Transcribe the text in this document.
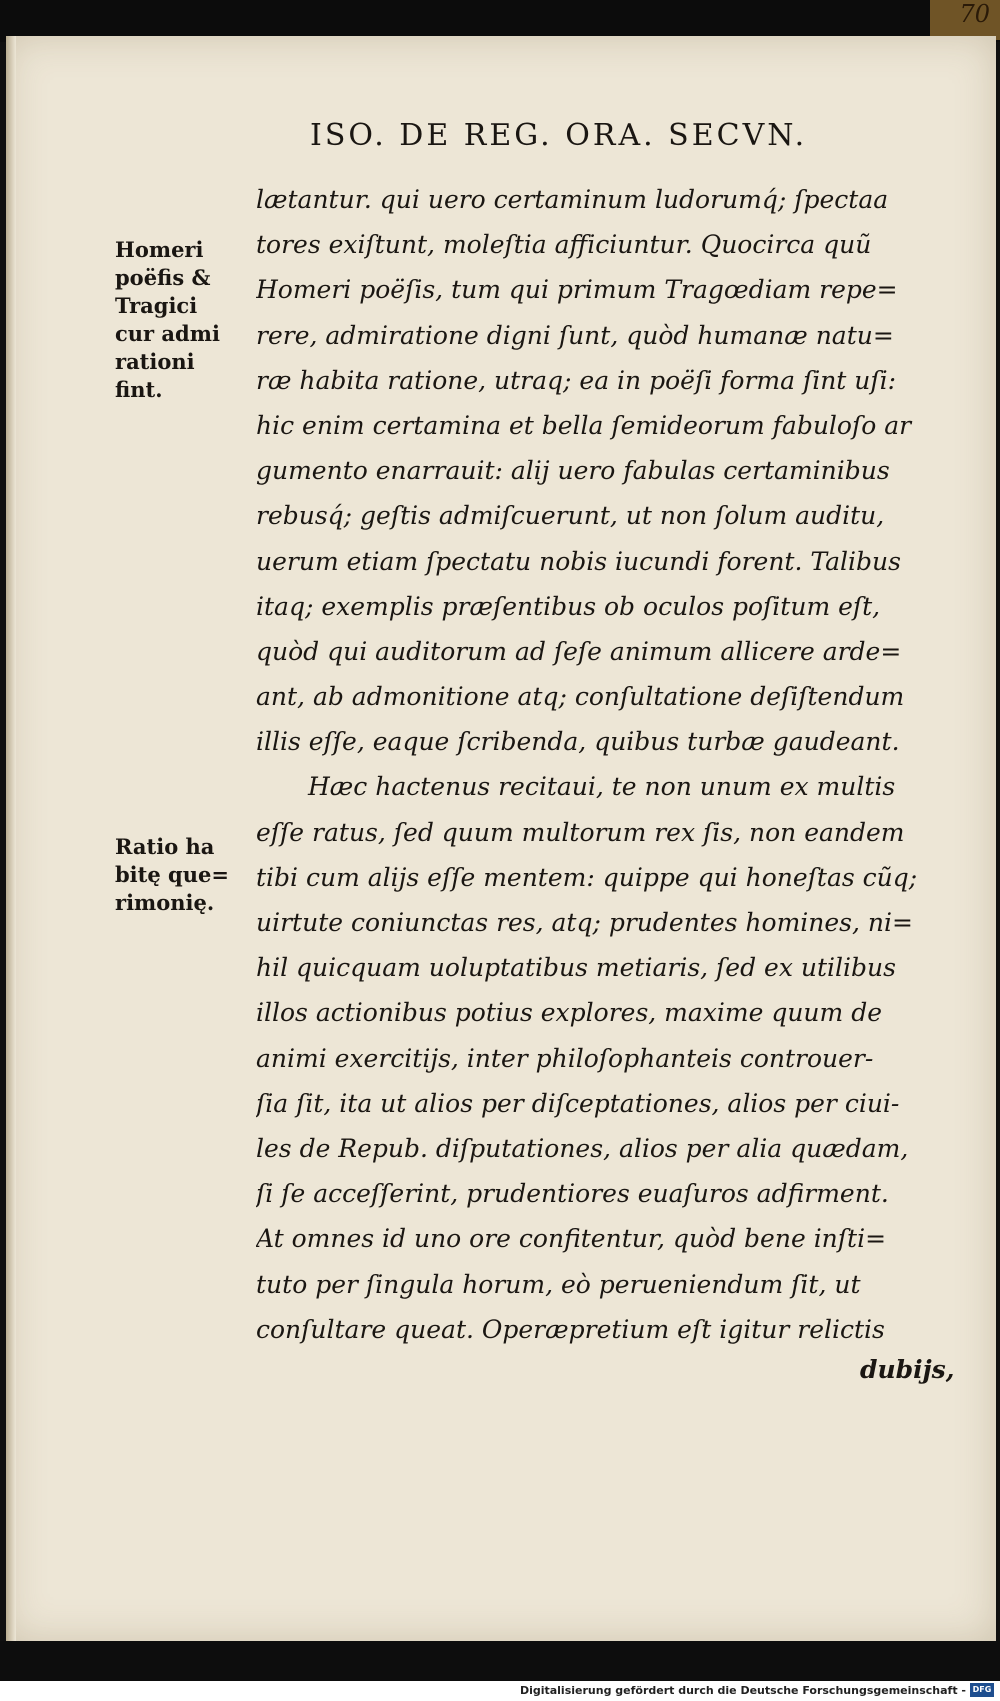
70
ISO. DE REG. ORA. SECVN.
Homeri
poëfis &
Tragici
cur admi
rationi
fint.
Ratio ha
bitę que=
rimonię.
lætantur. qui uero certaminum ludorumq́; ſpectaa
tores exiſtunt, moleſtia afficiuntur. Quocirca quũ
Homeri poëſis, tum qui primum Tragœdiam repe=
rere, admiratione digni ſunt, quòd humanæ natu=
ræ habita ratione, utraq; ea in poëſi forma ſint uſi:
hic enim certamina et bella ſemideorum fabuloſo ar
gumento enarrauit: alij uero fabulas certaminibus
rebusq́; geſtis admiſcuerunt, ut non ſolum auditu,
uerum etiam ſpectatu nobis iucundi forent. Talibus
itaq; exemplis præſentibus ob oculos poſitum eſt,
quòd qui auditorum ad ſeſe animum allicere arde=
ant, ab admonitione atq; conſultatione deſiſtendum
illis eſſe, eaque ſcribenda, quibus turbæ gaudeant.
Hæc hactenus recitaui, te non unum ex multis
eſſe ratus, ſed quum multorum rex ſis, non eandem
tibi cum alijs eſſe mentem: quippe qui honeſtas cũq;
uirtute coniunctas res, atq; prudentes homines, ni=
hil quicquam uoluptatibus metiaris, ſed ex utilibus
illos actionibus potius explores, maxime quum de
animi exercitijs, inter philoſophanteis controuer-
ſia ſit, ita ut alios per diſceptationes, alios per ciui-
les de Repub. diſputationes, alios per alia quædam,
ſi ſe acceſſerint, prudentiores euaſuros adfirment.
At omnes id uno ore confitentur, quòd bene inſti=
tuto per ſingula horum, eò perueniendum ſit, ut
conſultare queat. Operæpretium eſt igitur relictis
dubijs,
Digitalisierung gefördert durch die Deutsche Forschungsgemeinschaft - DFG
